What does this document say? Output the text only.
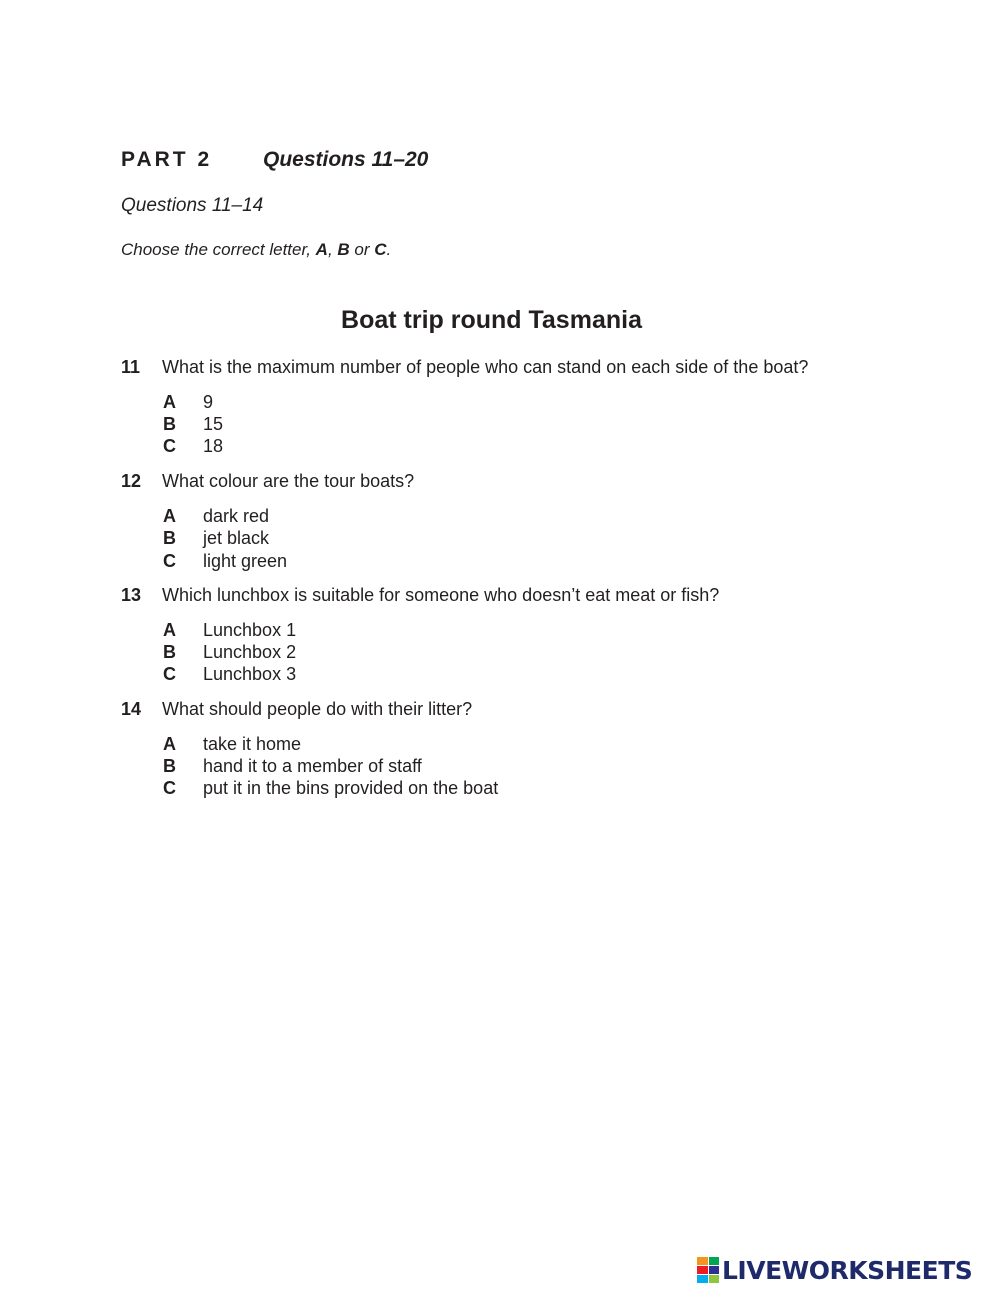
PART 2 Questions 11–20
Questions 11–14
Choose the correct letter, A, B or C.
Boat trip round Tasmania
11 What is the maximum number of people who can stand on each side of the boat?
A 9
B 15
C 18
12 What colour are the tour boats?
A dark red
B jet black
C light green
13 Which lunchbox is suitable for someone who doesn’t eat meat or fish?
A Lunchbox 1
B Lunchbox 2
C Lunchbox 3
14 What should people do with their litter?
A take it home
B hand it to a member of staff
C put it in the bins provided on the boat
LIVEWORKSHEETS
